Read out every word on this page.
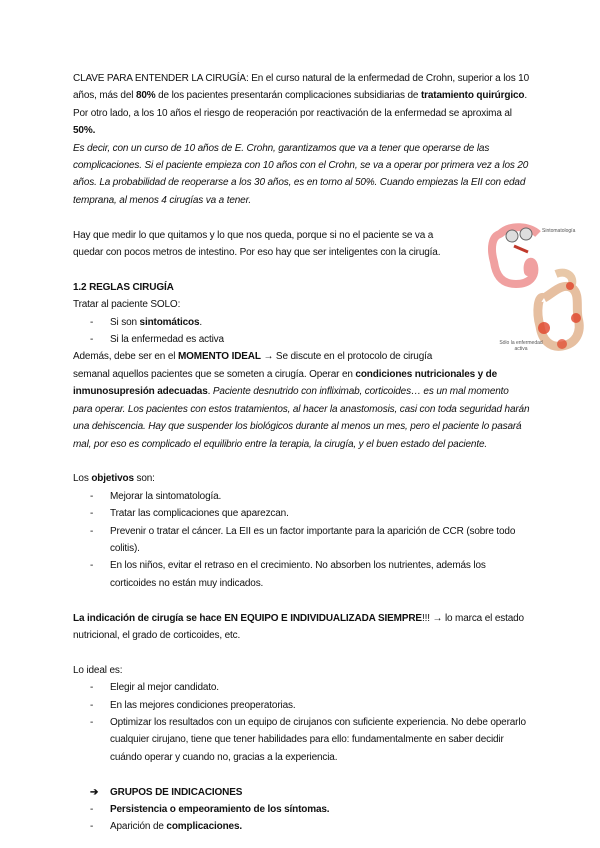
CLAVE PARA ENTENDER LA CIRUGÍA: En el curso natural de la enfermedad de Crohn, superior a los 10 años, más del 80% de los pacientes presentarán complicaciones subsidiarias de tratamiento quirúrgico. Por otro lado, a los 10 años el riesgo de reoperación por reactivación de la enfermedad se aproxima al 50%.

Es decir, con un curso de 10 años de E. Crohn, garantizamos que va a tener que operarse de las complicaciones. Si el paciente empieza con 10 años con el Crohn, se va a operar por primera vez a los 20 años. La probabilidad de reoperarse a los 30 años, es en torno al 50%. Cuando empiezas la EII con edad temprana, al menos 4 cirugías va a tener.

Hay que medir lo que quitamos y lo que nos queda, porque si no el paciente se va a quedar con pocos metros de intestino. Por eso hay que ser inteligentes con la cirugía.

1.2 REGLAS CIRUGÍA

Tratar al paciente SOLO:

- Si son sintomáticos.
- Si la enfermedad es activa

Además, debe ser en el MOMENTO IDEAL → Se discute en el protocolo de cirugía semanal aquellos pacientes que se someten a cirugía. Operar en condiciones nutricionales y de inmunosupresión adecuadas. Paciente desnutrido con infliximab, corticoides… es un mal momento para operar. Los pacientes con estos tratamientos, al hacer la anastomosis, casi con toda seguridad harán una dehiscencia. Hay que suspender los biológicos durante al menos un mes, pero el paciente lo pasará mal, por eso es complicado el equilibrio entre la terapia, la cirugía, y el buen estado del paciente.

Los objetivos son:

- Mejorar la sintomatología.
- Tratar las complicaciones que aparezcan.
- Prevenir o tratar el cáncer. La EII es un factor importante para la aparición de CCR (sobre todo colitis).
- En los niños, evitar el retraso en el crecimiento. No absorben los nutrientes, además los corticoides no están muy indicados.

La indicación de cirugía se hace EN EQUIPO E INDIVIDUALIZADA SIEMPRE!!! → lo marca el estado nutricional, el grado de corticoides, etc.

Lo ideal es:

- Elegir al mejor candidato.
- En las mejores condiciones preoperatorias.
- Optimizar los resultados con un equipo de cirujanos con suficiente experiencia. No debe operarlo cualquier cirujano, tiene que tener habilidades para ello: fundamentalmente en saber decidir cuándo operar y cuando no, gracias a la experiencia.
➔ GRUPOS DE INDICACIONES
- Persistencia o empeoramiento de los síntomas.
- Aparición de complicaciones.
Sintomatología
Sólo la enfermedad activa
